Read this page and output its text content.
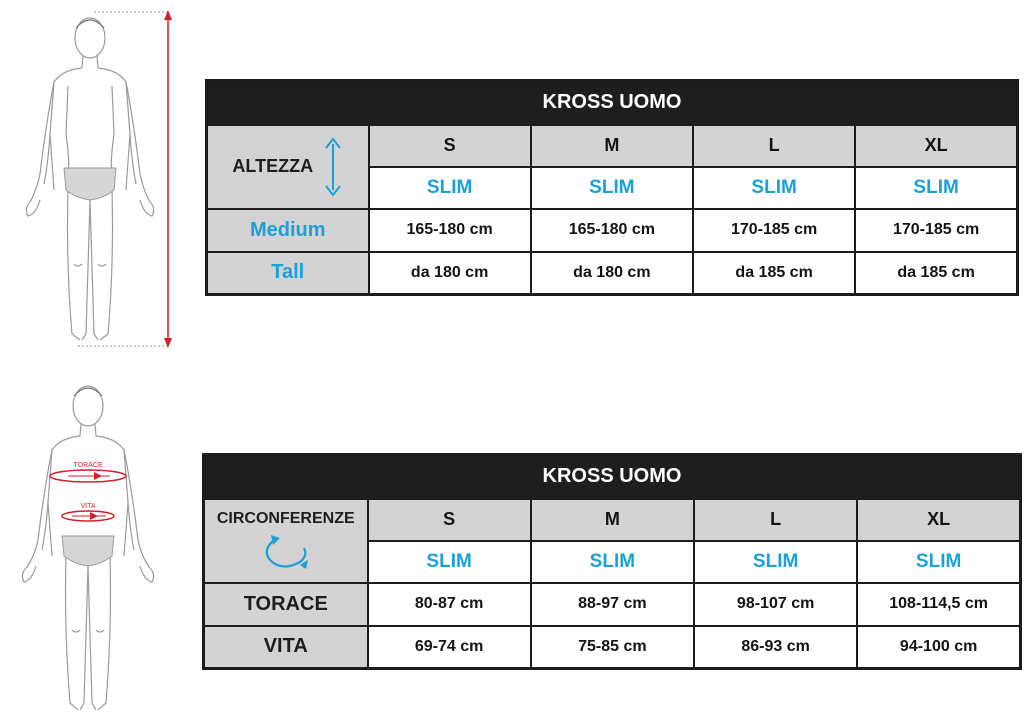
KROSS UOMO				

ALTEZZA	S	M	L	XL
	SLIM	SLIM	SLIM	SLIM
Medium	165-180 cm	165-180 cm	170-185 cm	170-185 cm
Tall	da 180 cm	da 180 cm	da 185 cm	da 185 cm
TORACE
VITA
KROSS UOMO				

CIRCONFERENZE	S	M	L	XL
	SLIM	SLIM	SLIM	SLIM
TORACE	80-87 cm	88-97 cm	98-107 cm	108-114,5 cm
VITA	69-74 cm	75-85 cm	86-93 cm	94-100 cm
